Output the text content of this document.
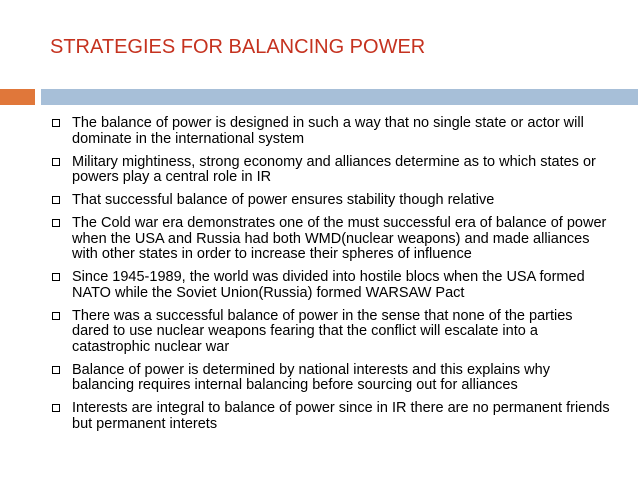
STRATEGIES FOR BALANCING POWER
The balance of power is designed in such a way that no single state or actor will dominate in the international system
Military mightiness, strong economy and alliances determine as to which states or powers play a central role in IR
That successful balance of power ensures stability though relative
The Cold war era demonstrates one of the must successful era of balance of power when the USA and Russia had both WMD(nuclear weapons) and made alliances with other states in order to increase their spheres of influence
Since 1945-1989, the world was divided into hostile blocs when the USA formed NATO while the Soviet Union(Russia) formed WARSAW Pact
There was a successful balance of power in the sense that none of the parties dared to use nuclear weapons fearing that the conflict will escalate into a catastrophic nuclear war
Balance of power is determined by national interests and this explains why balancing requires internal balancing before sourcing out for alliances
Interests are integral to balance of power since in IR there are no permanent friends but permanent interets
